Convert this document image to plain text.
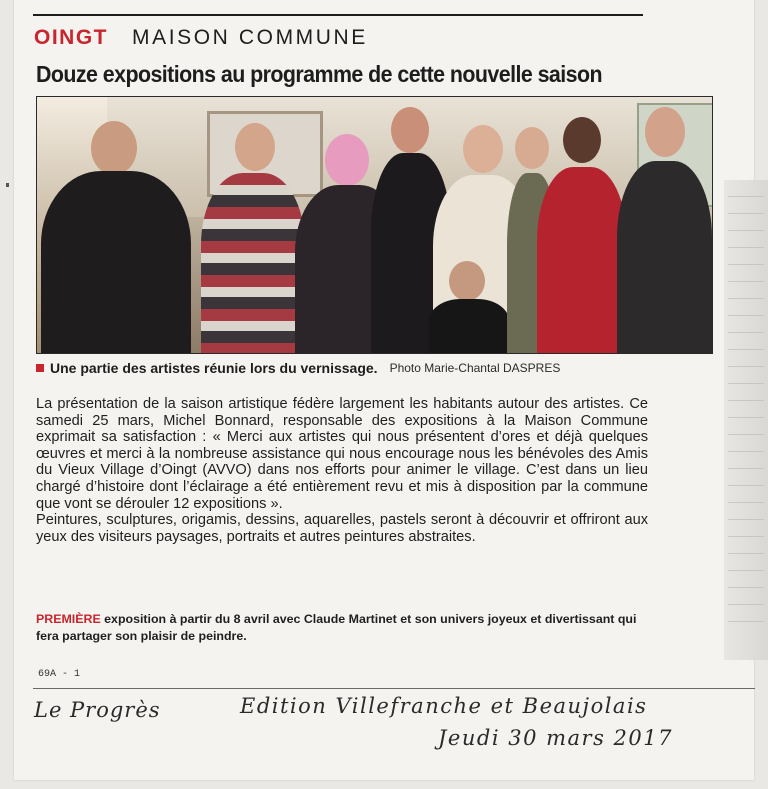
OINGT MAISON COMMUNE
Douze expositions au programme de cette nouvelle saison
Une partie des artistes réunie lors du vernissage. Photo Marie-Chantal DASPRES

La présentation de la saison artistique fédère largement les habitants autour des artistes. Ce samedi 25 mars, Michel Bonnard, responsable des expositions à la Maison Commune exprimait sa satisfaction : « Merci aux artistes qui nous présentent d’ores et déjà quelques œuvres et merci à la nombreuse assistance qui nous encourage nous les bénévoles des Amis du Vieux Village d’Oingt (AVVO) dans nos efforts pour animer le village. C’est dans un lieu chargé d’histoire dont l’éclairage a été entièrement revu et mis à disposition par la commune que vont se dérouler 12 expositions ».

Peintures, sculptures, origamis, dessins, aquarelles, pastels seront à découvrir et offriront aux yeux des visiteurs paysages, portraits et autres peintures abstraites.

PREMIÈRE exposition à partir du 8 avril avec Claude Martinet et son univers joyeux et divertissant qui fera partager son plaisir de peindre.
69A - 1
Le Progrès	Edition Villefranche et Beaujolais
Jeudi 30 mars 2017
